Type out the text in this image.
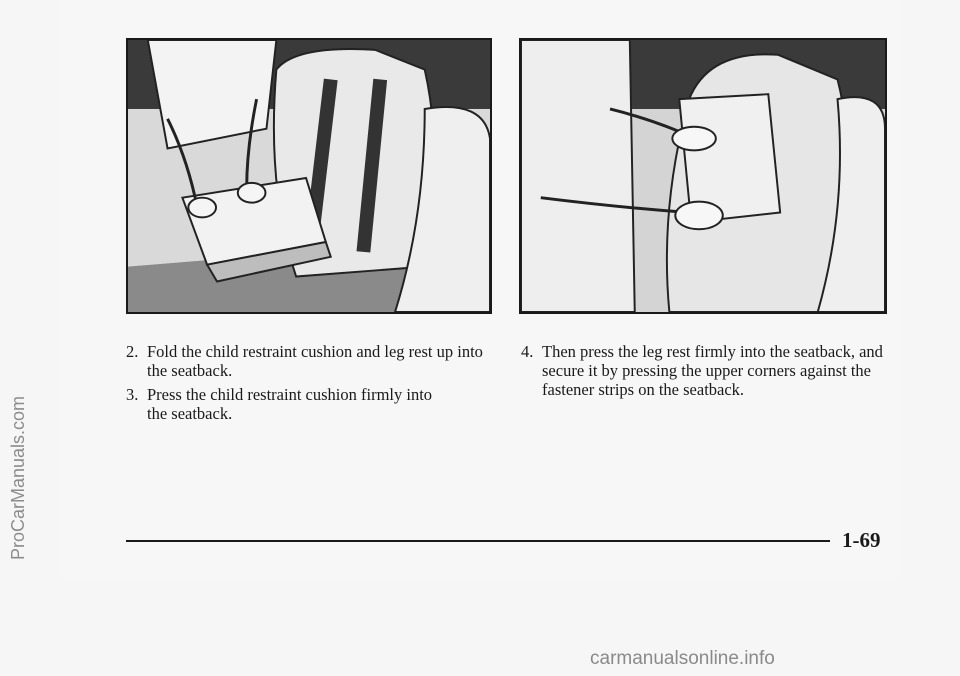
ProCarManuals.com
2. Fold the child restraint cushion and leg rest up into
the seatback.
3. Press the child restraint cushion firmly into
the seatback.
4. Then press the leg rest firmly into the seatback, and
secure it by pressing the upper corners against the
fastener strips on the seatback.
1-69
carmanualsonline.info
